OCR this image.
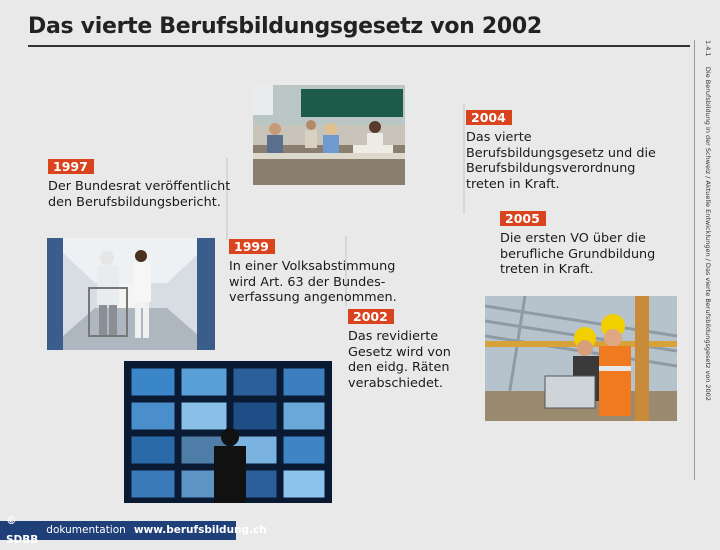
Das vierte Berufsbildungsgesetz von 2002
1.4.1     Die Berufsbildung in der Schweiz / Aktuelle Entwicklungen / Das vierte Berufsbildungsgesetz von 2002
1997
Der Bundesrat veröffentlicht den Berufsbildungsbericht.
1999
In einer Volksabstimmung wird Art. 63 der Bundes-verfassung angenommen.
2002
Das revidierte Gesetz wird von den eidg. Räten verabschiedet.
2004
Das vierte Berufsbildungsgesetz und die Berufsbildungsverordnung treten in Kraft.
2005
Die ersten VO über die berufliche Grundbildung treten in Kraft.
© SDBB
dokumentation www.berufsbildung.ch
